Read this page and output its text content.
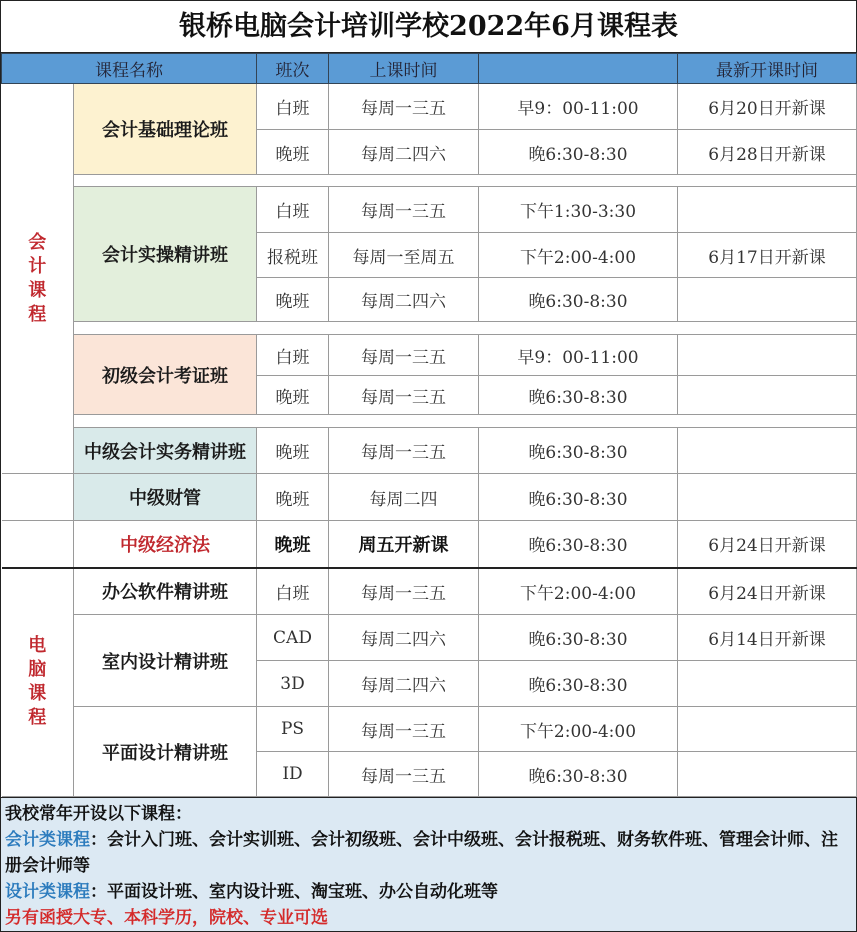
银桥电脑会计培训学校2022年6月课程表
课程名称		班次	上课时间		最新开课时间

会计课程	会计基础理论班	白班	每周一三五	早9：00-11:00	6月20日开新课
		晚班	每周二四六	晚6:30-8:30	6月28日开新课

	会计实操精讲班	白班	每周一三五	下午1:30-3:30	
		报税班	每周一至周五	下午2:00-4:00	6月17日开新课
		晚班	每周二四六	晚6:30-8:30	

	初级会计考证班	白班	每周一三五	早9：00-11:00	
		晚班	每周一三五	晚6:30-8:30	

	中级会计实务精讲班	晚班	每周一三五	晚6:30-8:30	

	中级财管	晚班	每周二四	晚6:30-8:30	

	中级经济法	晚班	周五开新课	晚6:30-8:30	6月24日开新课

电脑课程	办公软件精讲班	白班	每周一三五	下午2:00-4:00	6月24日开新课
	室内设计精讲班	CAD	每周二四六	晚6:30-8:30	6月14日开新课
		3D	每周二四六	晚6:30-8:30	
	平面设计精讲班	PS	每周一三五	下午2:00-4:00	
		ID	每周一三五	晚6:30-8:30	
我校常年开设以下课程：
会计类课程：会计入门班、会计实训班、会计初级班、会计中级班、会计报税班、财务软件班、管理会计师、注册会计师等
设计类课程：平面设计班、室内设计班、淘宝班、办公自动化班等
另有函授大专、本科学历，院校、专业可选
